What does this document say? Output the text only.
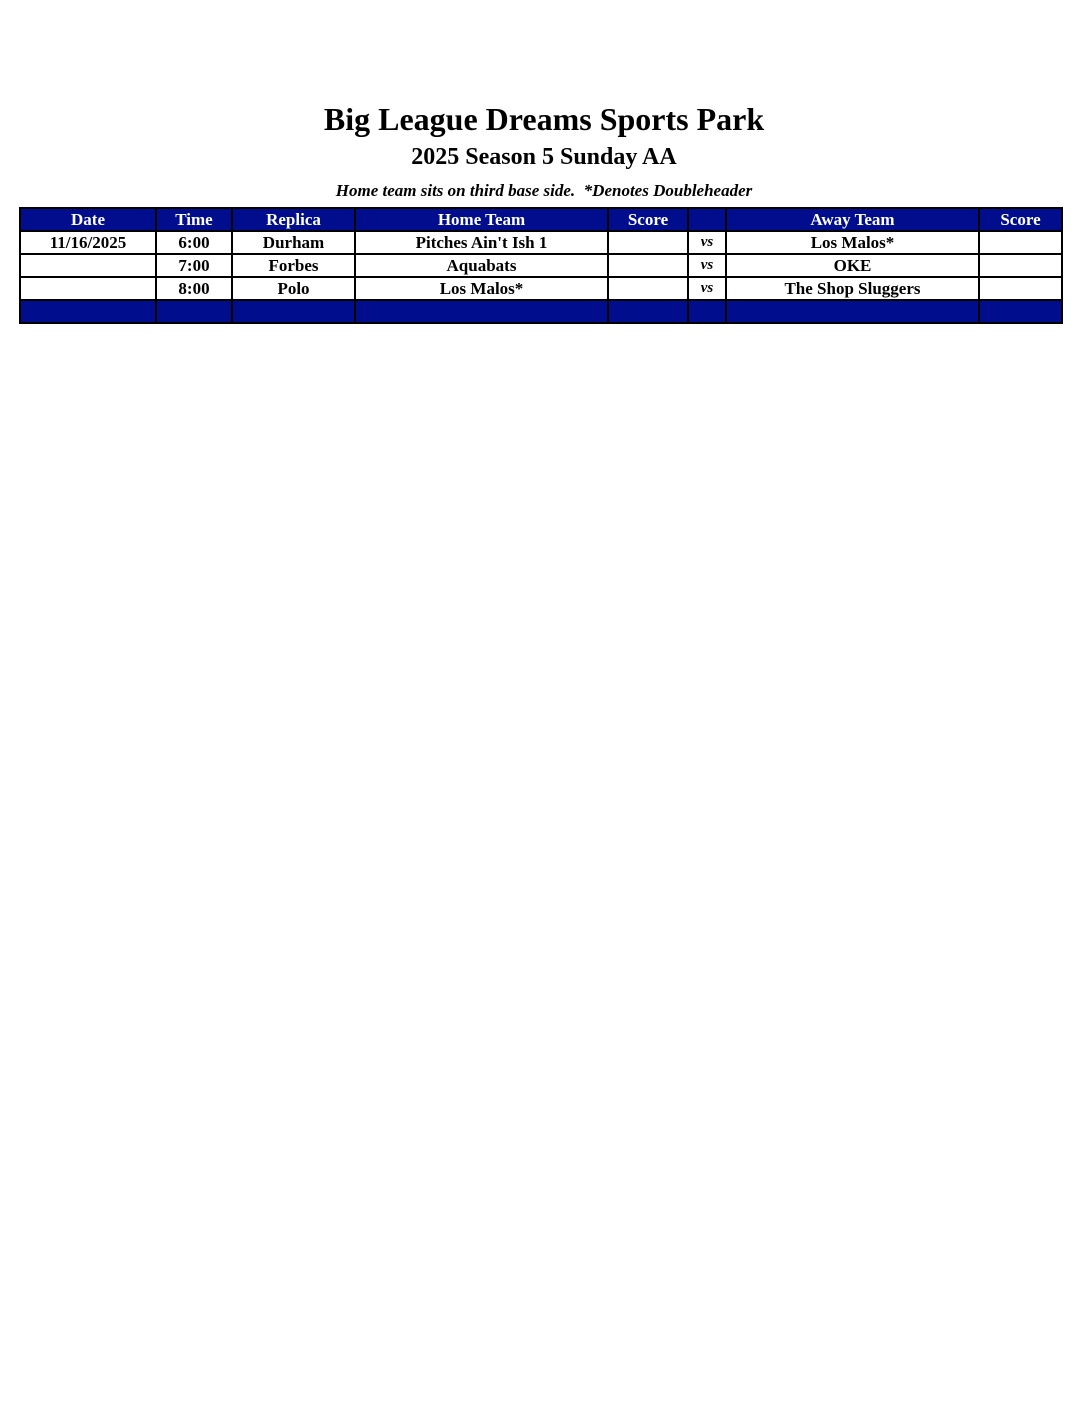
Big League Dreams Sports Park
2025 Season 5 Sunday AA
Home team sits on third base side.  *Denotes Doubleheader
Date	Time	Replica	Home Team	Score		Away Team	Score
11/16/2025	6:00	Durham	Pitches Ain't Ish 1		vs	Los Malos*	
	7:00	Forbes	Aquabats		vs	OKE	
	8:00	Polo	Los Malos*		vs	The Shop Sluggers	
